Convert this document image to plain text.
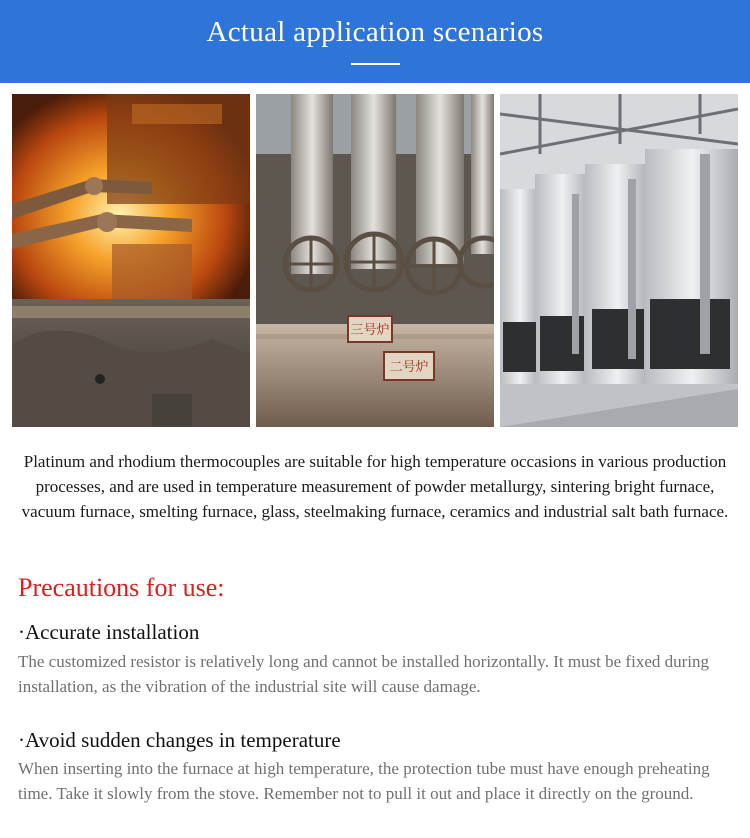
Actual application scenarios
三号炉
二号炉
Platinum and rhodium thermocouples are suitable for high temperature occasions in various production processes, and are used in temperature measurement of powder metallurgy, sintering bright furnace, vacuum furnace, smelting furnace, glass, steelmaking furnace, ceramics and industrial salt bath furnace.
Precautions for use:
·Accurate installation
The customized resistor is relatively long and cannot be installed horizontally. It must be fixed during installation, as the vibration of the industrial site will cause damage.
·Avoid sudden changes in temperature
When inserting into the furnace at high temperature, the protection tube must have enough preheating time. Take it slowly from the stove. Remember not to pull it out and place it directly on the ground.
